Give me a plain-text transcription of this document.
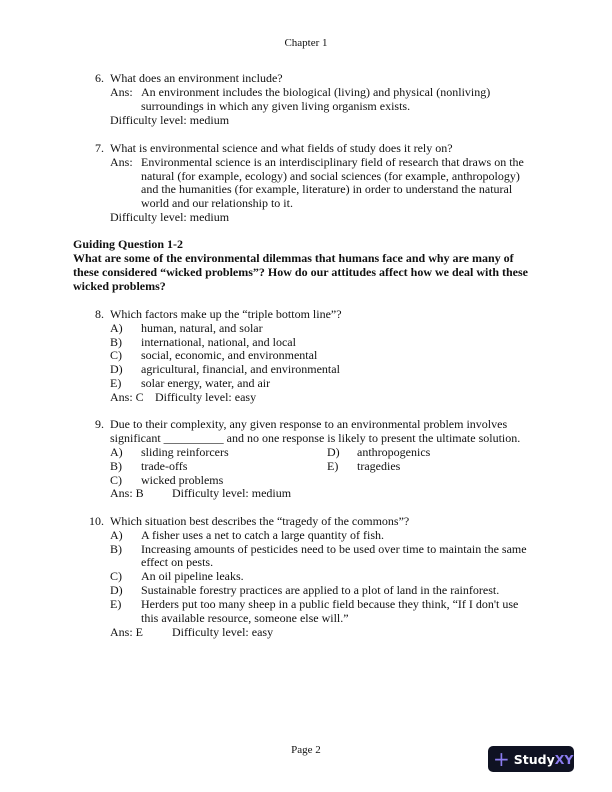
Chapter 1
6. What does an environment include?
Ans: An environment includes the biological (living) and physical (nonliving)
surroundings in which any given living organism exists.
Difficulty level: medium
7. What is environmental science and what fields of study does it rely on?
Ans: Environmental science is an interdisciplinary field of research that draws on the
natural (for example, ecology) and social sciences (for example, anthropology)
and the humanities (for example, literature) in order to understand the natural
world and our relationship to it.
Difficulty level: medium
Guiding Question 1-2
What are some of the environmental dilemmas that humans face and why are many of
these considered “wicked problems”? How do our attitudes affect how we deal with these
wicked problems?
8. Which factors make up the “triple bottom line”?
A) human, natural, and solar
B) international, national, and local
C) social, economic, and environmental
D) agricultural, financial, and environmental
E) solar energy, water, and air
Ans: C Difficulty level: easy
9. Due to their complexity, any given response to an environmental problem involves
significant __________ and no one response is likely to present the ultimate solution.
A) sliding reinforcers
B) trade-offs
C) wicked problems
D) anthropogenics
E) tragedies
Ans: B Difficulty level: medium
10. Which situation best describes the “tragedy of the commons”?
A) A fisher uses a net to catch a large quantity of fish.
B) Increasing amounts of pesticides need to be used over time to maintain the same
effect on pests.
C) An oil pipeline leaks.
D) Sustainable forestry practices are applied to a plot of land in the rainforest.
E) Herders put too many sheep in a public field because they think, “If I don't use
this available resource, someone else will.”
Ans: E Difficulty level: easy
Page 2	+ StudyXY
